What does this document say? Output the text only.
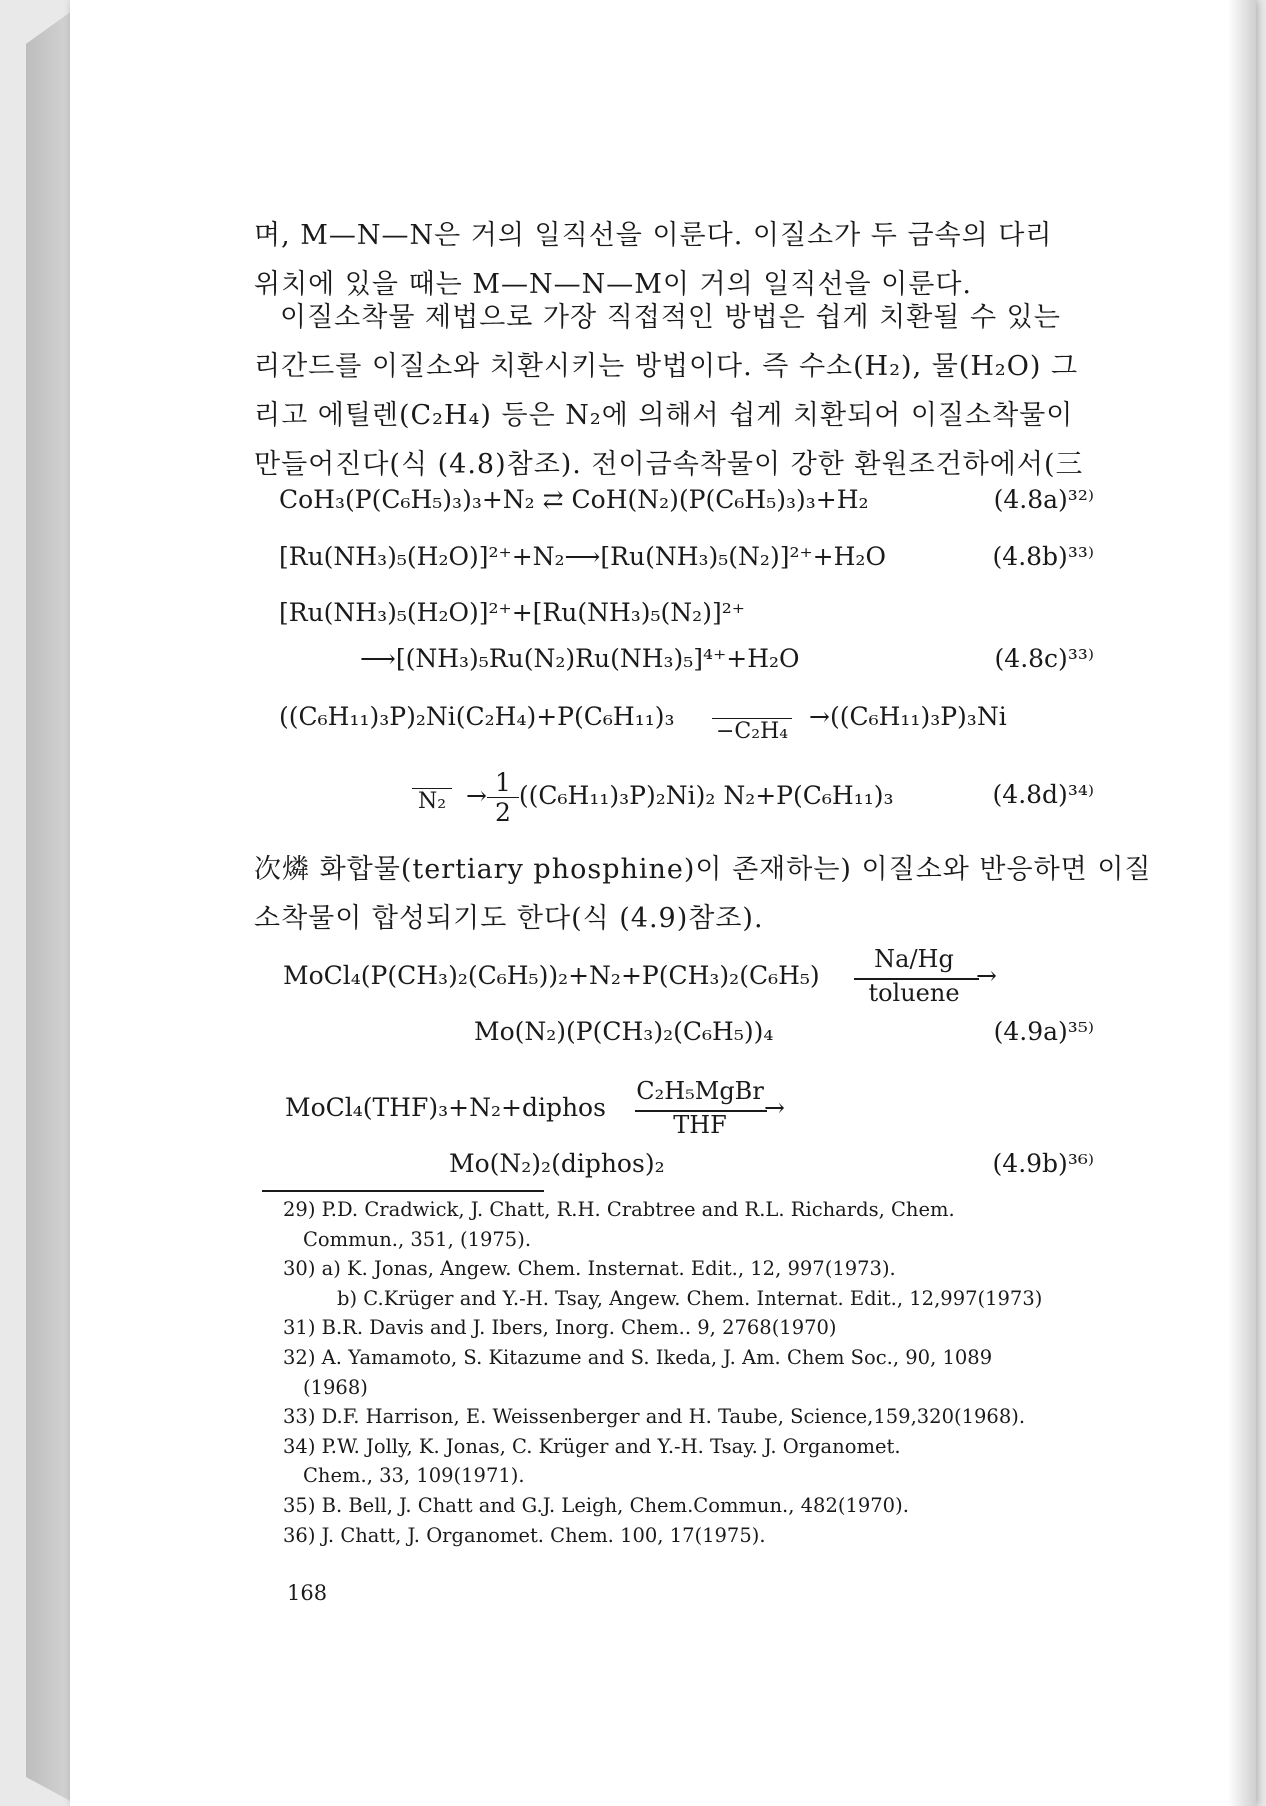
며, M—N—N은 거의 일직선을 이룬다. 이질소가 두 금속의 다리
위치에 있을 때는 M—N—N—M이 거의 일직선을 이룬다.
이질소착물 제법으로 가장 직접적인 방법은 쉽게 치환될 수 있는
리간드를 이질소와 치환시키는 방법이다. 즉 수소(H₂), 물(H₂O) 그
리고 에틸렌(C₂H₄) 등은 N₂에 의해서 쉽게 치환되어 이질소착물이
만들어진다(식 (4.8)참조). 전이금속착물이 강한 환원조건하에서(三
CoH₃(P(C₆H₅)₃)₃+N₂ ⇄ CoH(N₂)(P(C₆H₅)₃)₃+H₂	(4.8a)³²⁾
[Ru(NH₃)₅(H₂O)]²⁺+N₂⟶[Ru(NH₃)₅(N₂)]²⁺+H₂O	(4.8b)³³⁾
[Ru(NH₃)₅(H₂O)]²⁺+[Ru(NH₃)₅(N₂)]²⁺
⟶[(NH₃)₅Ru(N₂)Ru(NH₃)₅]⁴⁺+H₂O	(4.8c)³³⁾
((C₆H₁₁)₃P)₂Ni(C₂H₄)+P(C₆H₁₁)₃
−C₂H₄
→((C₆H₁₁)₃P)₃Ni
$N_2 \to \frac{1}{2} ((C_6H_{11})_3P)_2Ni)_2$ N₂+P(C₆H₁₁)₃	(4.8d)³⁴⁾
次燐 화합물(tertiary phosphine)이 존재하는) 이질소와 반응하면 이질
소착물이 합성되기도 한다(식 (4.9)참조).
MoCl₄(P(CH₃)₂(C₆H₅))₂+N₂+P(CH₃)₂(C₆H₅)
Na/Hg
→
toluene
Mo(N₂)(P(CH₃)₂(C₆H₅))₄	(4.9a)³⁵⁾
MoCl₄(THF)₃+N₂+diphos
C₂H₅MgBr
→
THF
Mo(N₂)₂(diphos)₂	(4.9b)³⁶⁾
29) P.D. Cradwick, J. Chatt, R.H. Crabtree and R.L. Richards, Chem.
Commun., 351, (1975).
30) a) K. Jonas, Angew. Chem. Insternat. Edit., 12, 997(1973).
b) C.Krüger and Y.-H. Tsay, Angew. Chem. Internat. Edit., 12,997(1973)
31) B.R. Davis and J. Ibers, Inorg. Chem.. 9, 2768(1970)
32) A. Yamamoto, S. Kitazume and S. Ikeda, J. Am. Chem Soc., 90, 1089
(1968)
33) D.F. Harrison, E. Weissenberger and H. Taube, Science,159,320(1968).
34) P.W. Jolly, K. Jonas, C. Krüger and Y.-H. Tsay. J. Organomet.
Chem., 33, 109(1971).
35) B. Bell, J. Chatt and G.J. Leigh, Chem.Commun., 482(1970).
36) J. Chatt, J. Organomet. Chem. 100, 17(1975).
168
